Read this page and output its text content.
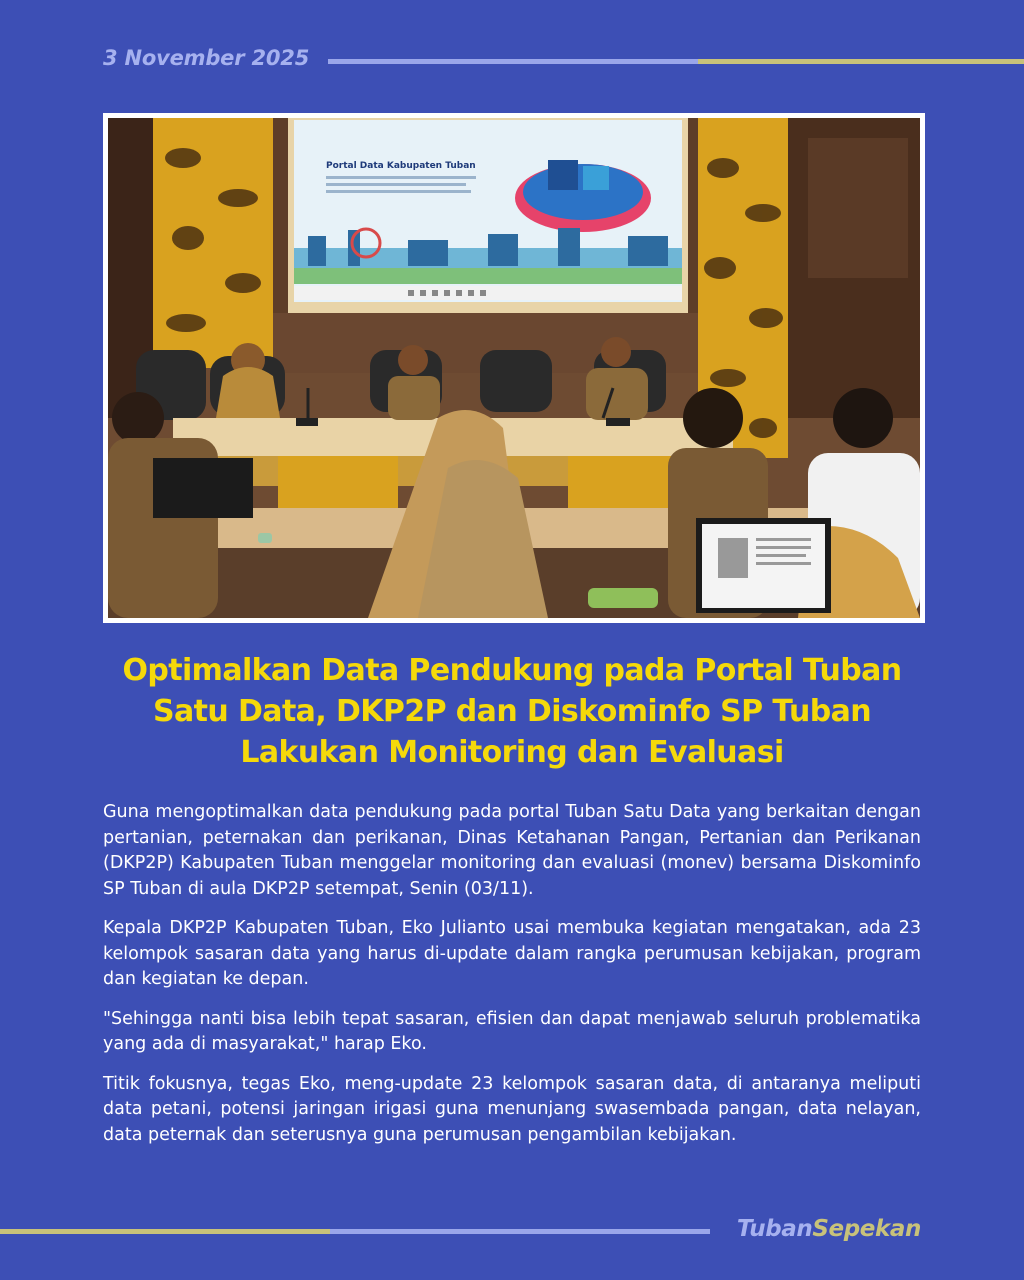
3 November 2025
Portal Data Kabupaten Tuban
Optimalkan Data Pendukung pada Portal Tuban Satu Data, DKP2P dan Diskominfo SP Tuban Lakukan Monitoring dan Evaluasi

Guna mengoptimalkan data pendukung pada portal Tuban Satu Data yang berkaitan dengan pertanian, peternakan dan perikanan, Dinas Ketahanan Pangan, Pertanian dan Perikanan (DKP2P) Kabupaten Tuban menggelar monitoring dan evaluasi (monev) bersama Diskominfo SP Tuban di aula DKP2P setempat, Senin (03/11).

Kepala DKP2P Kabupaten Tuban, Eko Julianto usai membuka kegiatan mengatakan, ada 23 kelompok sasaran data yang harus di-update dalam rangka perumusan kebijakan, program dan kegiatan ke depan.

"Sehingga nanti bisa lebih tepat sasaran, efisien dan dapat menjawab seluruh problematika yang ada di masyarakat," harap Eko.

Titik fokusnya, tegas Eko, meng-update 23 kelompok sasaran data, di antaranya meliputi data petani, potensi jaringan irigasi guna menunjang swasembada pangan, data nelayan, data peternak dan seterusnya guna perumusan pengambilan kebijakan.

TubanSepekan
